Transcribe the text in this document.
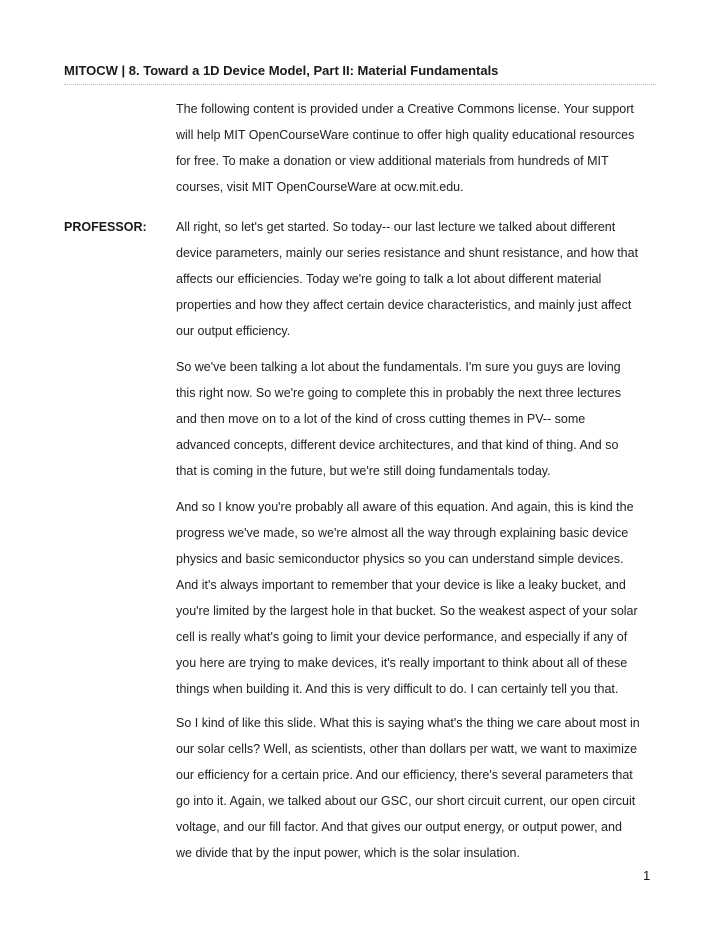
MITOCW | 8. Toward a 1D Device Model, Part II: Material Fundamentals
The following content is provided under a Creative Commons license. Your support
will help MIT OpenCourseWare continue to offer high quality educational resources
for free. To make a donation or view additional materials from hundreds of MIT
courses, visit MIT OpenCourseWare at ocw.mit.edu.

PROFESSOR: All right, so let's get started. So today-- our last lecture we talked about different
device parameters, mainly our series resistance and shunt resistance, and how that
affects our efficiencies. Today we're going to talk a lot about different material
properties and how they affect certain device characteristics, and mainly just affect
our output efficiency.
So we've been talking a lot about the fundamentals. I'm sure you guys are loving
this right now. So we're going to complete this in probably the next three lectures
and then move on to a lot of the kind of cross cutting themes in PV-- some
advanced concepts, different device architectures, and that kind of thing. And so
that is coming in the future, but we're still doing fundamentals today.
And so I know you're probably all aware of this equation. And again, this is kind the
progress we've made, so we're almost all the way through explaining basic device
physics and basic semiconductor physics so you can understand simple devices.
And it's always important to remember that your device is like a leaky bucket, and
you're limited by the largest hole in that bucket. So the weakest aspect of your solar
cell is really what's going to limit your device performance, and especially if any of
you here are trying to make devices, it's really important to think about all of these
things when building it. And this is very difficult to do. I can certainly tell you that.
So I kind of like this slide. What this is saying what's the thing we care about most in
our solar cells? Well, as scientists, other than dollars per watt, we want to maximize
our efficiency for a certain price. And our efficiency, there's several parameters that
go into it. Again, we talked about our GSC, our short circuit current, our open circuit
voltage, and our fill factor. And that gives our output energy, or output power, and
we divide that by the input power, which is the solar insulation.

1
